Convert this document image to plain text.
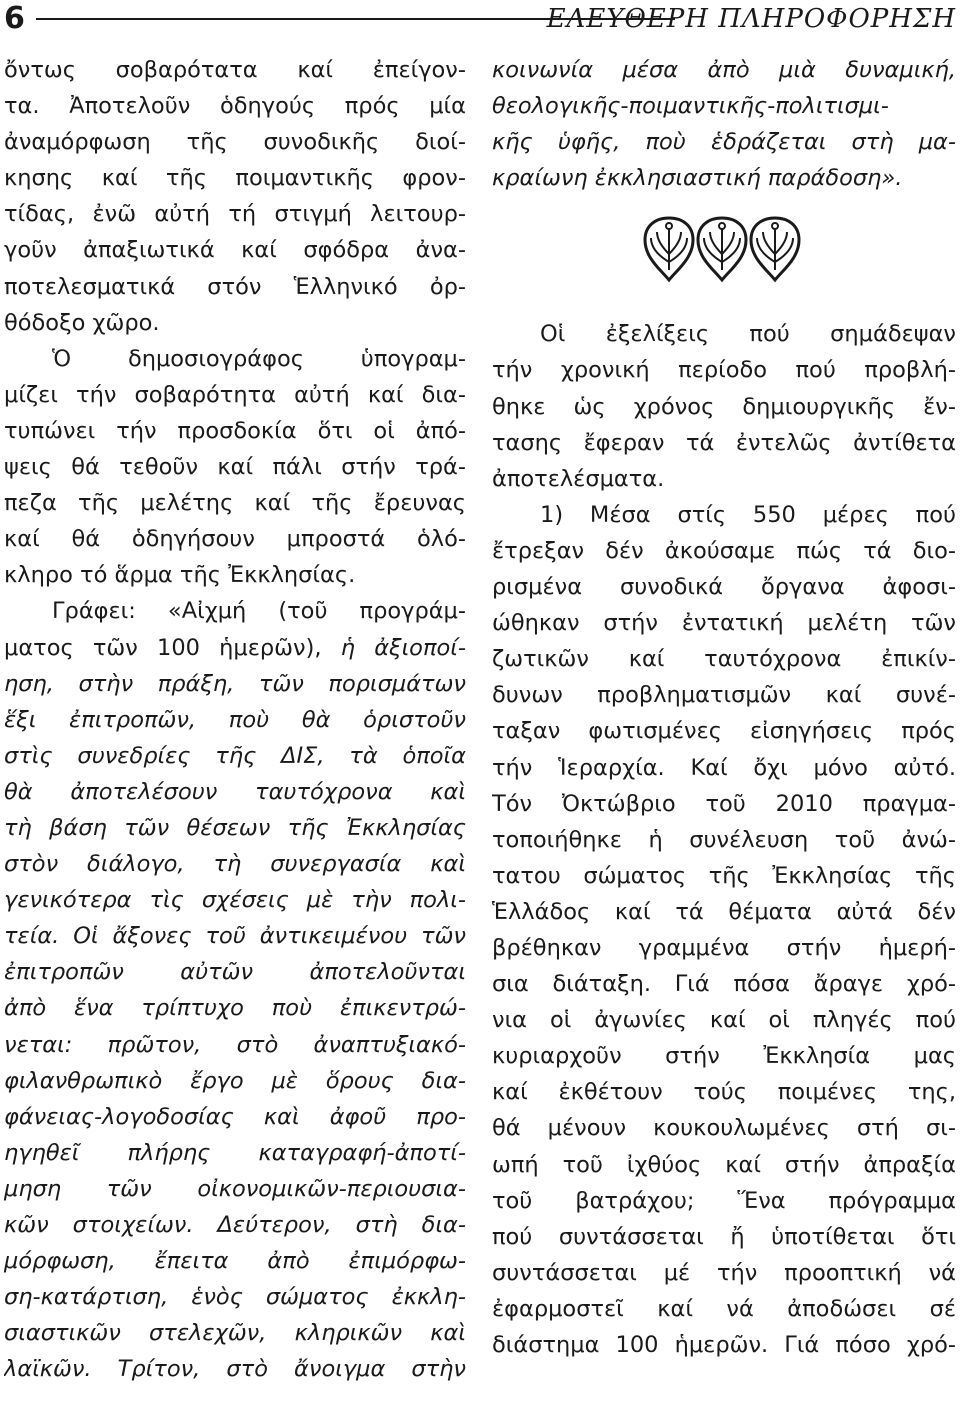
6	ΕΛΕΥΘΕΡΗ ΠΛΗΡΟΦΟΡΗΣΗ
ὄντως σοβαρότατα καί ἐπείγον-
τα. Ἀποτελοῦν ὁδηγούς πρός μία
ἀναμόρφωση τῆς συνοδικῆς διοί-
κησης καί τῆς ποιμαντικῆς φρον-
τίδας, ἐνῶ αὐτή τή στιγμή λειτουρ-
γοῦν ἀπαξιωτικά καί σφόδρα ἀνα-
ποτελεσματικά στόν Ἑλληνικό ὀρ-
θόδοξο χῶρο.
Ὁ δημοσιογράφος ὑπογραμ-
μίζει τήν σοβαρότητα αὐτή καί δια-
τυπώνει τήν προσδοκία ὅτι οἱ ἀπό-
ψεις θά τεθοῦν καί πάλι στήν τρά-
πεζα τῆς μελέτης καί τῆς ἔρευνας
καί θά ὁδηγήσουν μπροστά ὁλό-
κληρο τό ἅρμα τῆς Ἐκκλησίας.
Γράφει: «Αἰχμή (τοῦ προγράμ-
ματος τῶν 100 ἡμερῶν), ἡ ἀξιοποί-
ηση, στὴν πράξη, τῶν πορισμάτων
ἕξι ἐπιτροπῶν, ποὺ θὰ ὁριστοῦν
στὶς συνεδρίες τῆς ΔΙΣ, τὰ ὁποῖα
θὰ ἀποτελέσουν ταυτόχρονα καὶ
τὴ βάση τῶν θέσεων τῆς Ἐκκλησίας
στὸν διάλογο, τὴ συνεργασία καὶ
γενικότερα τὶς σχέσεις μὲ τὴν πολι-
τεία. Οἱ ἄξονες τοῦ ἀντικειμένου τῶν
ἐπιτροπῶν αὐτῶν ἀποτελοῦνται
ἀπὸ ἕνα τρίπτυχο ποὺ ἐπικεντρώ-
νεται: πρῶτον, στὸ ἀναπτυξιακό-
φιλανθρωπικὸ ἔργο μὲ ὅρους δια-
φάνειας-λογοδοσίας καὶ ἀφοῦ προ-
ηγηθεῖ πλήρης καταγραφή-ἀποτί-
μηση τῶν οἰκονομικῶν-περιουσια-
κῶν στοιχείων. Δεύτερον, στὴ δια-
μόρφωση, ἔπειτα ἀπὸ ἐπιμόρφω-
ση-κατάρτιση, ἑνὸς σώματος ἐκκλη-
σιαστικῶν στελεχῶν, κληρικῶν καὶ
λαϊκῶν. Τρίτον, στὸ ἄνοιγμα στὴν
κοινωνία μέσα ἀπὸ μιὰ δυναμική,
θεολογικῆς-ποιμαντικῆς-πολιτισμι-
κῆς ὑφῆς, ποὺ ἑδράζεται στὴ μα-
κραίωνη ἐκκλησιαστική παράδοση».
Οἱ ἐξελίξεις πού σημάδεψαν
τήν χρονική περίοδο πού προβλή-
θηκε ὡς χρόνος δημιουργικῆς ἔν-
τασης ἔφεραν τά ἐντελῶς ἀντίθετα
ἀποτελέσματα.
1) Μέσα στίς 550 μέρες πού
ἔτρεξαν δέν ἀκούσαμε πώς τά διο-
ρισμένα συνοδικά ὄργανα ἀφοσι-
ώθηκαν στήν ἐντατική μελέτη τῶν
ζωτικῶν καί ταυτόχρονα ἐπικίν-
δυνων προβληματισμῶν καί συνέ-
ταξαν φωτισμένες εἰσηγήσεις πρός
τήν Ἱεραρχία. Καί ὄχι μόνο αὐτό.
Τόν Ὀκτώβριο τοῦ 2010 πραγμα-
τοποιήθηκε ἡ συνέλευση τοῦ ἀνώ-
τατου σώματος τῆς Ἐκκλησίας τῆς
Ἑλλάδος καί τά θέματα αὐτά δέν
βρέθηκαν γραμμένα στήν ἡμερή-
σια διάταξη. Γιά πόσα ἄραγε χρό-
νια οἱ ἀγωνίες καί οἱ πληγές πού
κυριαρχοῦν στήν Ἐκκλησία μας
καί ἐκθέτουν τούς ποιμένες της,
θά μένουν κουκουλωμένες στή σι-
ωπή τοῦ ἰχθύος καί στήν ἀπραξία
τοῦ βατράχου; Ἕνα πρόγραμμα
πού συντάσσεται ἤ ὑποτίθεται ὅτι
συντάσσεται μέ τήν προοπτική νά
ἐφαρμοστεῖ καί νά ἀποδώσει σέ
διάστημα 100 ἡμερῶν. Γιά πόσο χρό-
